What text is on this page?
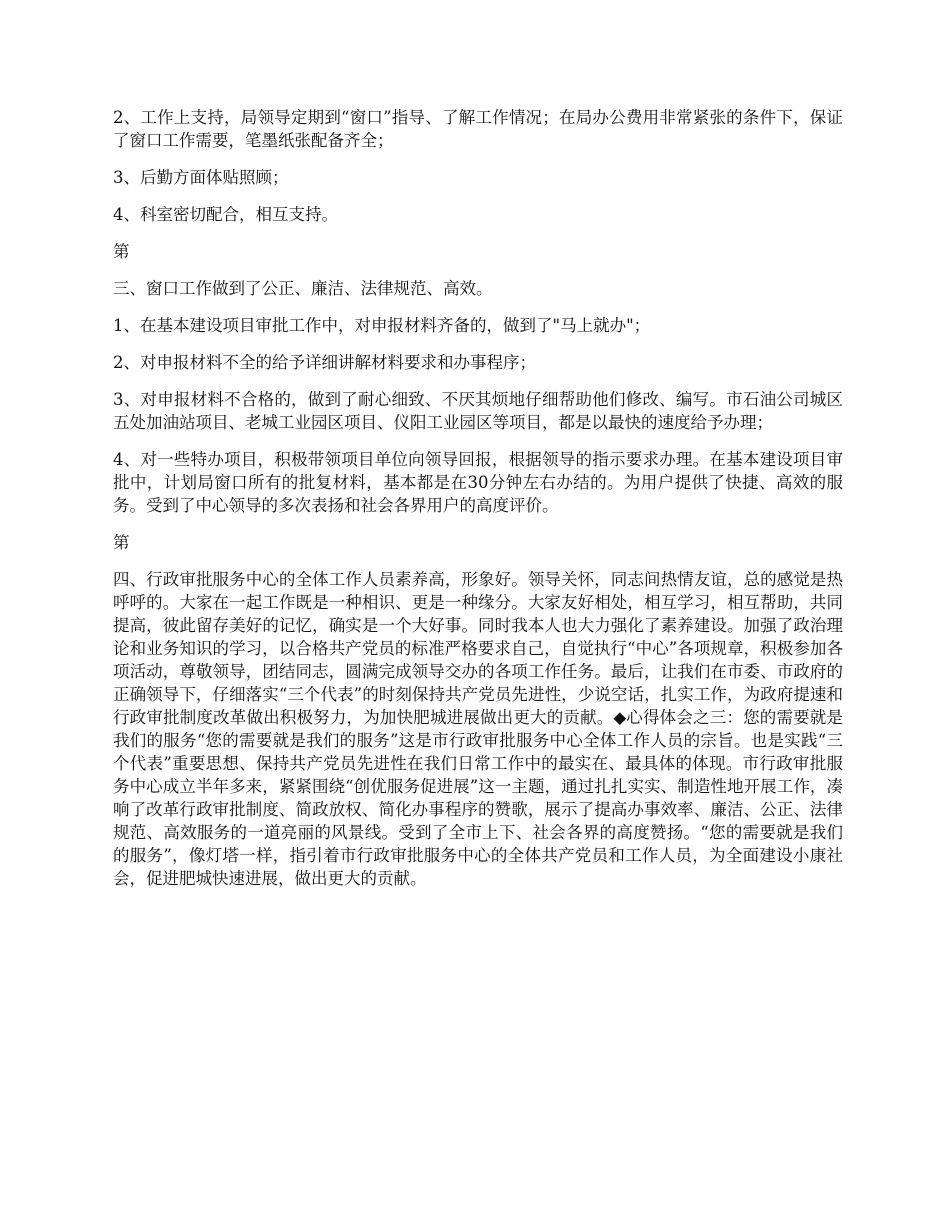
2、工作上支持，局领导定期到“窗口”指导、了解工作情况；在局办公费用非常紧张的条件下，保证了窗口工作需要，笔墨纸张配备齐全；

3、后勤方面体贴照顾；

4、科室密切配合，相互支持。

第

三、窗口工作做到了公正、廉洁、法律规范、高效。

1、在基本建设项目审批工作中，对申报材料齐备的，做到了"马上就办"；

2、对申报材料不全的给予详细讲解材料要求和办事程序；

3、对申报材料不合格的，做到了耐心细致、不厌其烦地仔细帮助他们修改、编写。市石油公司城区五处加油站项目、老城工业园区项目、仪阳工业园区等项目，都是以最快的速度给予办理；

4、对一些特办项目，积极带领项目单位向领导回报，根据领导的指示要求办理。在基本建设项目审批中，计划局窗口所有的批复材料，基本都是在30分钟左右办结的。为用户提供了快捷、高效的服务。受到了中心领导的多次表扬和社会各界用户的高度评价。

第

四、行政审批服务中心的全体工作人员素养高，形象好。领导关怀，同志间热情友谊，总的感觉是热呼呼的。大家在一起工作既是一种相识、更是一种缘分。大家友好相处，相互学习，相互帮助，共同提高，彼此留存美好的记忆，确实是一个大好事。同时我本人也大力强化了素养建设。加强了政治理论和业务知识的学习，以合格共产党员的标准严格要求自己，自觉执行“中心”各项规章，积极参加各项活动，尊敬领导，团结同志，圆满完成领导交办的各项工作任务。最后，让我们在市委、市政府的正确领导下，仔细落实“三个代表”的时刻保持共产党员先进性，少说空话，扎实工作，为政府提速和行政审批制度改革做出积极努力，为加快肥城进展做出更大的贡献。◆心得体会之三：您的需要就是我们的服务“您的需要就是我们的服务”这是市行政审批服务中心全体工作人员的宗旨。也是实践“三个代表”重要思想、保持共产党员先进性在我们日常工作中的最实在、最具体的体现。市行政审批服务中心成立半年多来，紧紧围绕“创优服务促进展”这一主题，通过扎扎实实、制造性地开展工作，凑响了改革行政审批制度、简政放权、简化办事程序的赞歌，展示了提高办事效率、廉洁、公正、法律规范、高效服务的一道亮丽的风景线。受到了全市上下、社会各界的高度赞扬。“您的需要就是我们的服务”，像灯塔一样，指引着市行政审批服务中心的全体共产党员和工作人员，为全面建设小康社会，促进肥城快速进展，做出更大的贡献。
